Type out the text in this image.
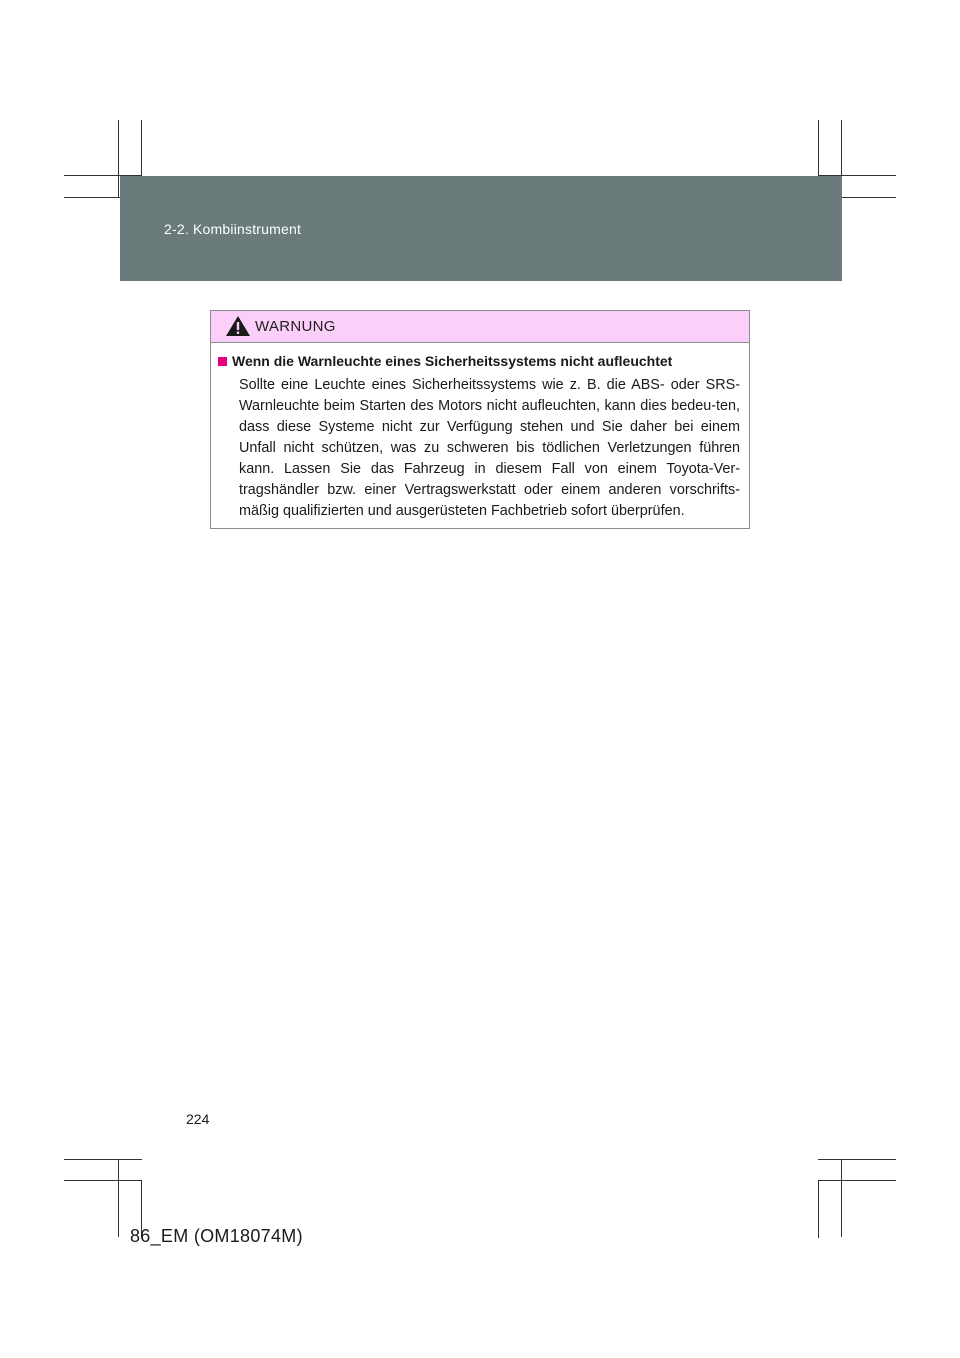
2-2. Kombiinstrument
WARNUNG
Wenn die Warnleuchte eines Sicherheitssystems nicht aufleuchtet

Sollte eine Leuchte eines Sicherheitssystems wie z. B. die ABS- oder SRS-Warnleuchte beim Starten des Motors nicht aufleuchten, kann dies bedeu-ten, dass diese Systeme nicht zur Verfügung stehen und Sie daher bei einem Unfall nicht schützen, was zu schweren bis tödlichen Verletzungen führen kann. Lassen Sie das Fahrzeug in diesem Fall von einem Toyota-Ver-tragshändler bzw. einer Vertragswerkstatt oder einem anderen vorschrifts-mäßig qualifizierten und ausgerüsteten Fachbetrieb sofort überprüfen.

224
86_EM (OM18074M)
